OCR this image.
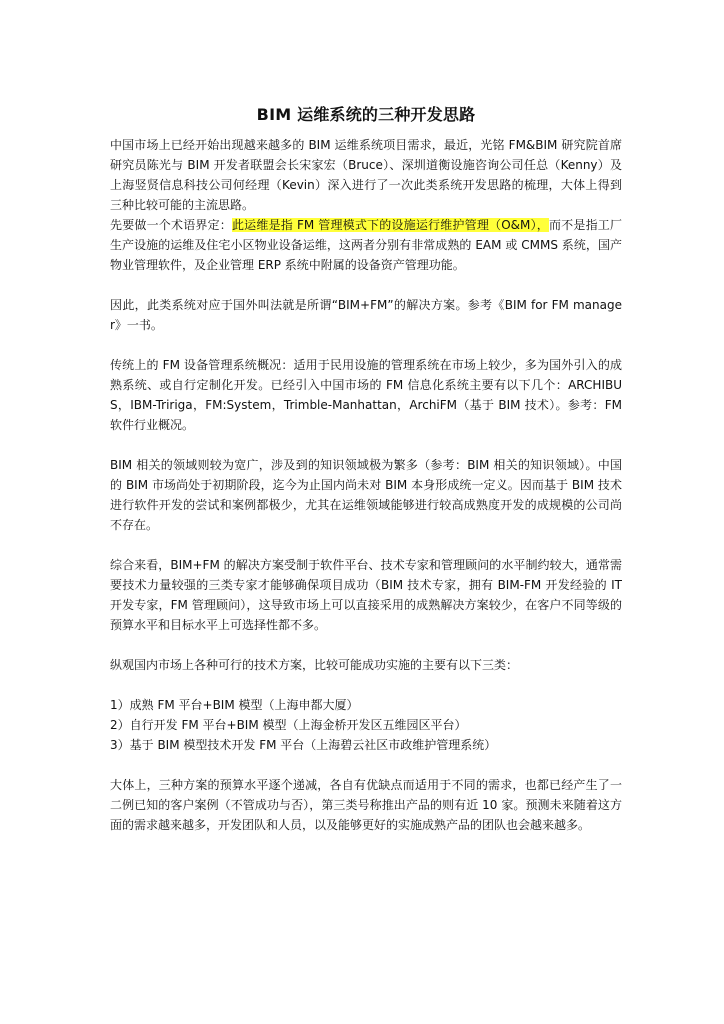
BIM 运维系统的三种开发思路

中国市场上已经开始出现越来越多的 BIM 运维系统项目需求，最近，光铭 FM&BIM 研究院首席研究员陈光与 BIM 开发者联盟会长宋家宏（Bruce）、深圳道衡设施咨询公司任总（Kenny）及上海竖贤信息科技公司何经理（Kevin）深入进行了一次此类系统开发思路的梳理，大体上得到三种比较可能的主流思路。

先要做一个术语界定：此运维是指 FM 管理模式下的设施运行维护管理（O&M），而不是指工厂生产设施的运维及住宅小区物业设备运维，这两者分别有非常成熟的 EAM 或 CMMS 系统，国产物业管理软件，及企业管理 ERP 系统中附属的设备资产管理功能。

因此，此类系统对应于国外叫法就是所谓“BIM+FM”的解决方案。参考《BIM for FM manager》一书。

传统上的 FM 设备管理系统概况：适用于民用设施的管理系统在市场上较少，多为国外引入的成熟系统、或自行定制化开发。已经引入中国市场的 FM 信息化系统主要有以下几个：ARCHIBUS，IBM-Tririga，FM:System，Trimble-Manhattan，ArchiFM（基于 BIM 技术）。参考：FM 软件行业概况。

BIM 相关的领域则较为宽广，涉及到的知识领域极为繁多（参考：BIM 相关的知识领域）。中国的 BIM 市场尚处于初期阶段，迄今为止国内尚未对 BIM 本身形成统一定义。因而基于 BIM 技术进行软件开发的尝试和案例都极少，尤其在运维领域能够进行较高成熟度开发的成规模的公司尚不存在。

综合来看，BIM+FM 的解决方案受制于软件平台、技术专家和管理顾问的水平制约较大，通常需要技术力量较强的三类专家才能够确保项目成功（BIM 技术专家，拥有 BIM-FM 开发经验的 IT 开发专家，FM 管理顾问），这导致市场上可以直接采用的成熟解决方案较少，在客户不同等级的预算水平和目标水平上可选择性都不多。

纵观国内市场上各种可行的技术方案，比较可能成功实施的主要有以下三类：

1）成熟 FM 平台+BIM 模型（上海申都大厦）

2）自行开发 FM 平台+BIM 模型（上海金桥开发区五维园区平台）

3）基于 BIM 模型技术开发 FM 平台（上海碧云社区市政维护管理系统）

大体上，三种方案的预算水平逐个递减，各自有优缺点而适用于不同的需求，也都已经产生了一二例已知的客户案例（不管成功与否），第三类号称推出产品的则有近 10 家。预测未来随着这方面的需求越来越多，开发团队和人员，以及能够更好的实施成熟产品的团队也会越来越多。
